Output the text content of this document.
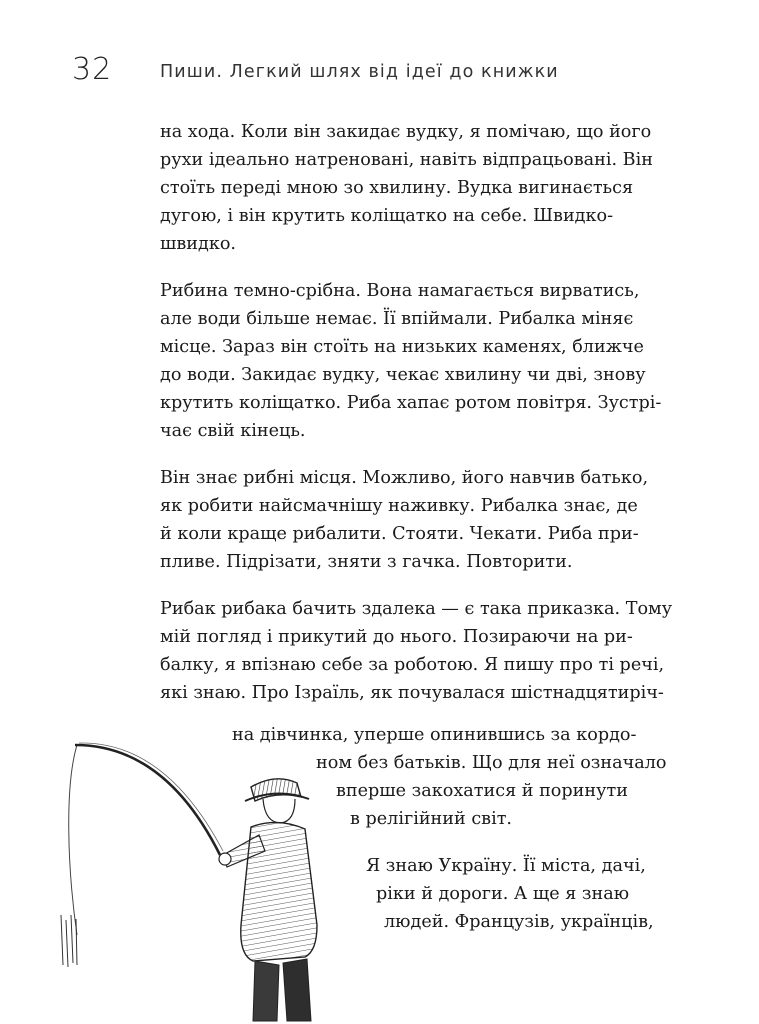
32	Пиши. Легкий шлях від ідеї до книжки
на хода. Коли він закидає вудку, я помічаю, що його
рухи ідеально натреновані, навіть відпрацьовані. Він
стоїть переді мною зо хвилину. Вудка вигинається
дугою, і він крутить коліщатко на себе. Швидко-
швидко.
Рибина темно-срібна. Вона намагається вирватись,
але води більше немає. Її впіймали. Рибалка міняє
місце. Зараз він стоїть на низьких каменях, ближче
до води. Закидає вудку, чекає хвилину чи дві, знову
крутить коліщатко. Риба хапає ротом повітря. Зустрі-
чає свій кінець.
Він знає рибні місця. Можливо, його навчив батько,
як робити найсмачнішу наживку. Рибалка знає, де
й коли краще рибалити. Стояти. Чекати. Риба при-
пливе. Підрізати, зняти з гачка. Повторити.
Рибак рибака бачить здалека — є така приказка. Тому
мій погляд і прикутий до нього. Позираючи на ри-
балку, я впізнаю себе за роботою. Я пишу про ті речі,
які знаю. Про Ізраїль, як почувалася шістнадцятиріч-
на дівчинка, уперше опинившись за кордо-
ном без батьків. Що для неї означало
вперше закохатися й поринути
в релігійний світ.
Я знаю Україну. Її міста, дачі,
ріки й дороги. А ще я знаю
людей. Французів, українців,
